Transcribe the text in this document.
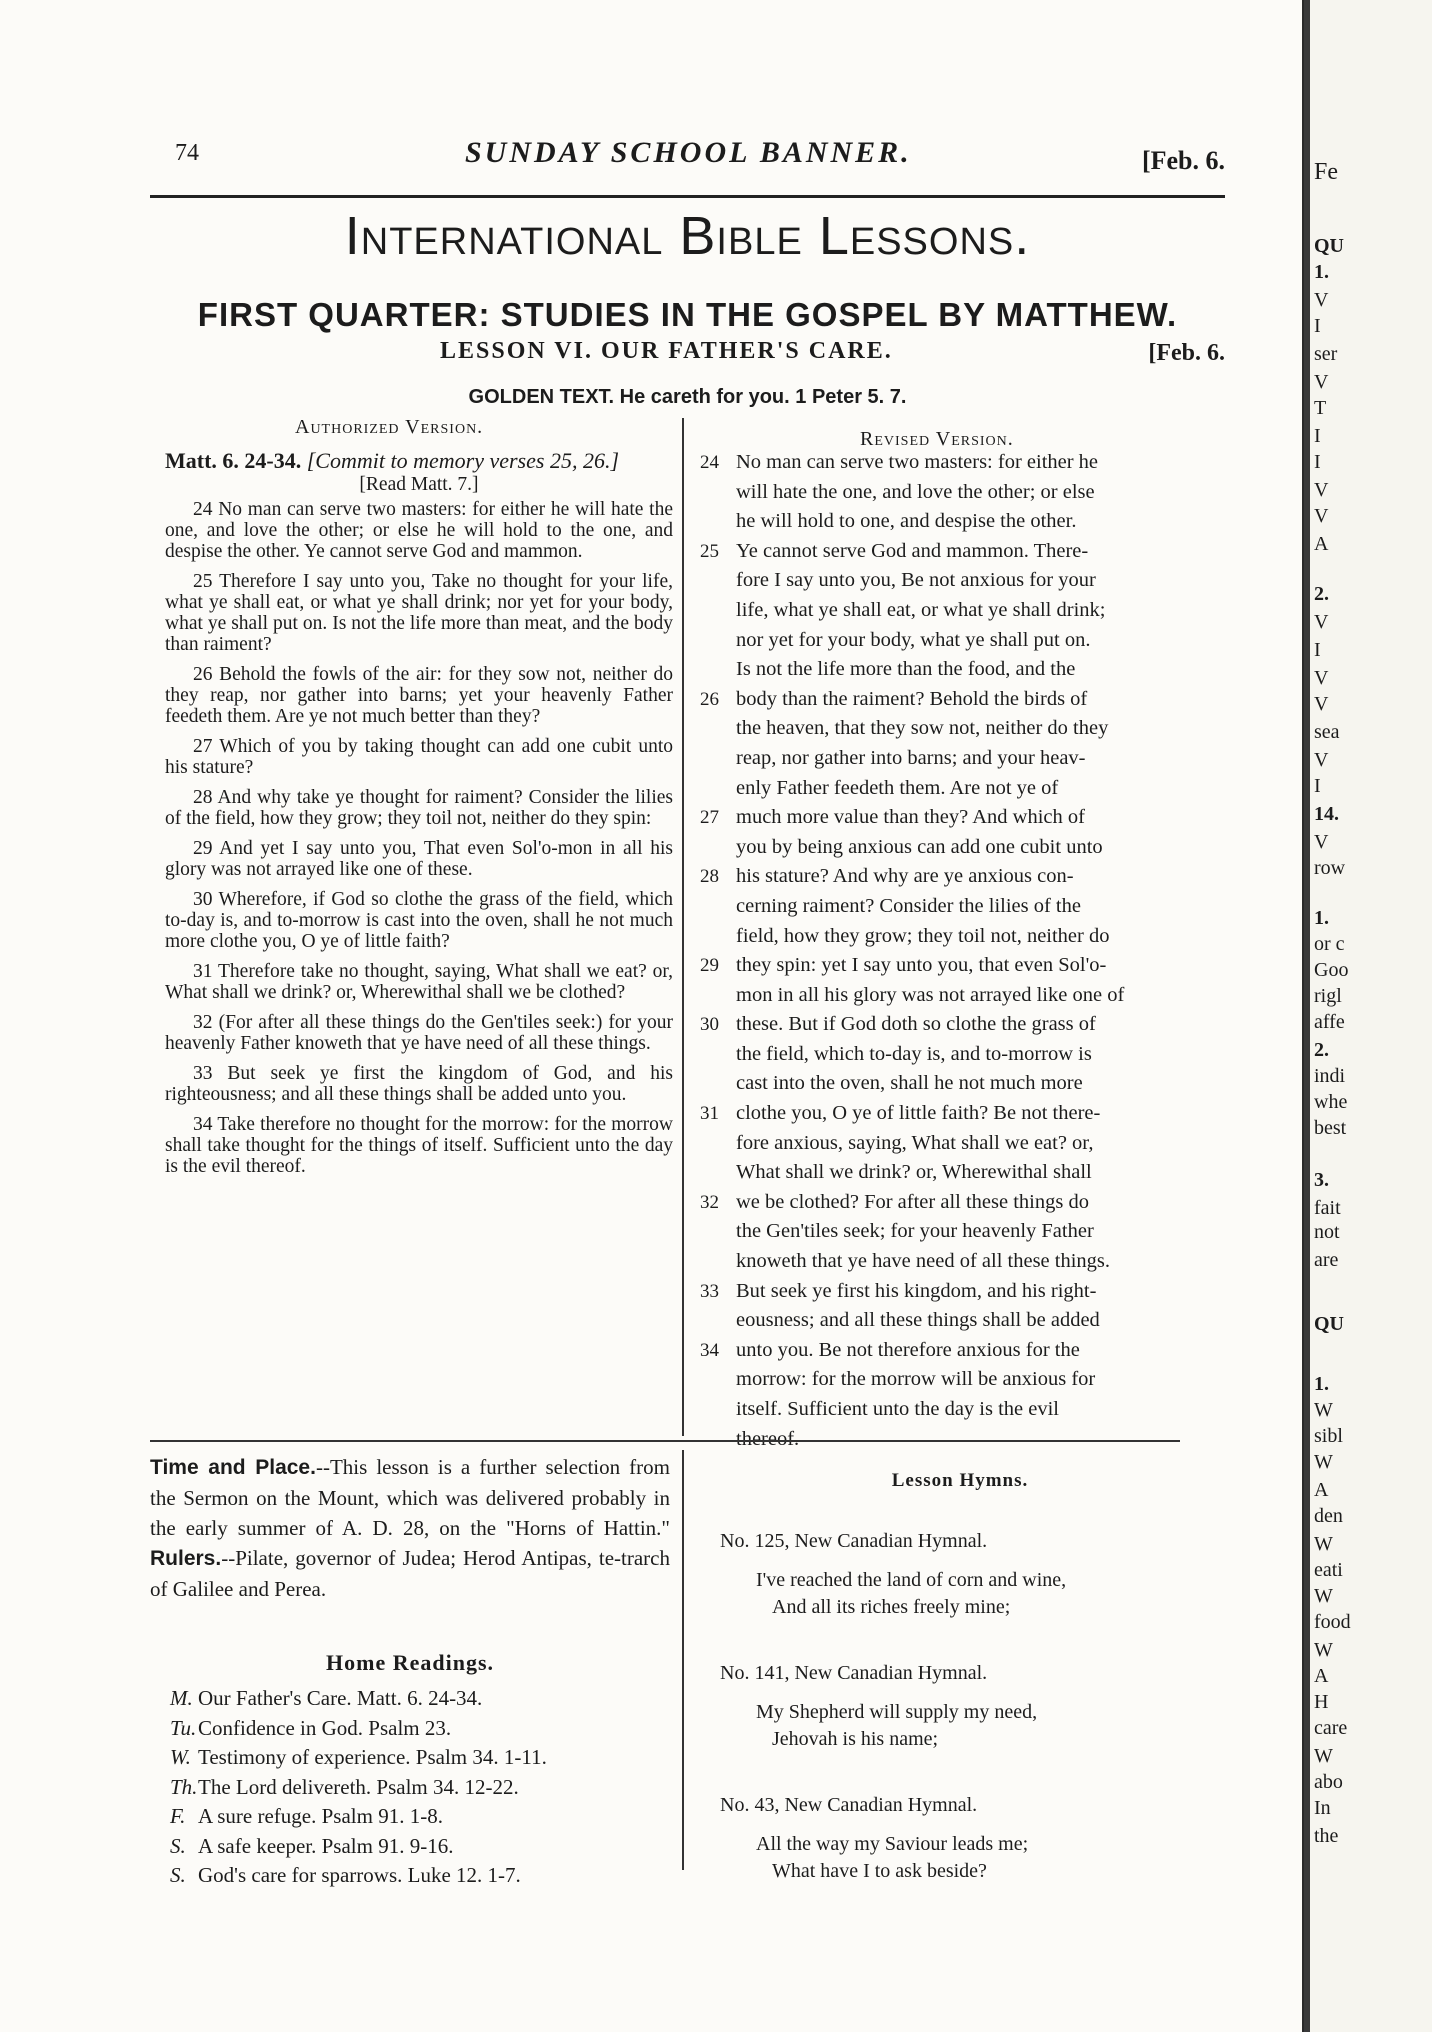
74	SUNDAY SCHOOL BANNER.	[Feb. 6.
International Bible Lessons.
FIRST QUARTER: STUDIES IN THE GOSPEL BY MATTHEW.
LESSON VI. OUR FATHER'S CARE.	[Feb. 6.
GOLDEN TEXT. He careth for you. 1 Peter 5. 7.
Authorized Version.
Revised Version.
Matt. 6. 24-34. [Commit to memory verses 25, 26.]
[Read Matt. 7.]

24 No man can serve two masters: for either he will hate the one, and love the other; or else he will hold to the one, and despise the other. Ye cannot serve God and mammon.

25 Therefore I say unto you, Take no thought for your life, what ye shall eat, or what ye shall drink; nor yet for your body, what ye shall put on. Is not the life more than meat, and the body than raiment?

26 Behold the fowls of the air: for they sow not, neither do they reap, nor gather into barns; yet your heavenly Father feedeth them. Are ye not much better than they?

27 Which of you by taking thought can add one cubit unto his stature?

28 And why take ye thought for raiment? Consider the lilies of the field, how they grow; they toil not, neither do they spin:

29 And yet I say unto you, That even Sol'o-mon in all his glory was not arrayed like one of these.

30 Wherefore, if God so clothe the grass of the field, which to-day is, and to-morrow is cast into the oven, shall he not much more clothe you, O ye of little faith?

31 Therefore take no thought, saying, What shall we eat? or, What shall we drink? or, Wherewithal shall we be clothed?

32 (For after all these things do the Gen'tiles seek:) for your heavenly Father knoweth that ye have need of all these things.

33 But seek ye first the kingdom of God, and his righteousness; and all these things shall be added unto you.

34 Take therefore no thought for the morrow: for the morrow shall take thought for the things of itself. Sufficient unto the day is the evil thereof.

24 No man can serve two masters: for either he
will hate the one, and love the other; or else
he will hold to one, and despise the other.
25 Ye cannot serve God and mammon. There-
fore I say unto you, Be not anxious for your
life, what ye shall eat, or what ye shall drink;
nor yet for your body, what ye shall put on.
Is not the life more than the food, and the
26 body than the raiment? Behold the birds of
the heaven, that they sow not, neither do they
reap, nor gather into barns; and your heav-
enly Father feedeth them. Are not ye of
27 much more value than they? And which of
you by being anxious can add one cubit unto
28 his stature? And why are ye anxious con-
cerning raiment? Consider the lilies of the
field, how they grow; they toil not, neither do
29 they spin: yet I say unto you, that even Sol'o-
mon in all his glory was not arrayed like one of
30 these. But if God doth so clothe the grass of
the field, which to-day is, and to-morrow is
cast into the oven, shall he not much more
31 clothe you, O ye of little faith? Be not there-
fore anxious, saying, What shall we eat? or,
What shall we drink? or, Wherewithal shall
32 we be clothed? For after all these things do
the Gen'tiles seek; for your heavenly Father
knoweth that ye have need of all these things.
33 But seek ye first his kingdom, and his right-
eousness; and all these things shall be added
34 unto you. Be not therefore anxious for the
morrow: for the morrow will be anxious for
itself. Sufficient unto the day is the evil
thereof.
Time and Place.--This lesson is a further selection from the Sermon on the Mount, which was delivered probably in the early summer of A. D. 28, on the "Horns of Hattin." Rulers.--Pilate, governor of Judea; Herod Antipas, te-trarch of Galilee and Perea.
Home Readings.
M. Our Father's Care. Matt. 6. 24-34.
Tu.Confidence in God. Psalm 23.
W. Testimony of experience. Psalm 34. 1-11.
Th.The Lord delivereth. Psalm 34. 12-22.
F. A sure refuge. Psalm 91. 1-8.
S. A safe keeper. Psalm 91. 9-16.
S. God's care for sparrows. Luke 12. 1-7.
Lesson Hymns.
No. 125, New Canadian Hymnal.
I've reached the land of corn and wine,
And all its riches freely mine;
No. 141, New Canadian Hymnal.
My Shepherd will supply my need,
Jehovah is his name;
No. 43, New Canadian Hymnal.
All the way my Saviour leads me;
What have I to ask beside?
Fe
QU
1.
V
I
ser
V
T
I
I
V
V
A
2.
V
I
V
V
sea
V
I
14.
V
row
1.
or c
Goo
rigl
affe
2.
indi
whe
best
3.
fait
not
are
QU
1.
W
sibl
W
A
den
W
eati
W
food
W
A
H
care
W
abo
In
the
